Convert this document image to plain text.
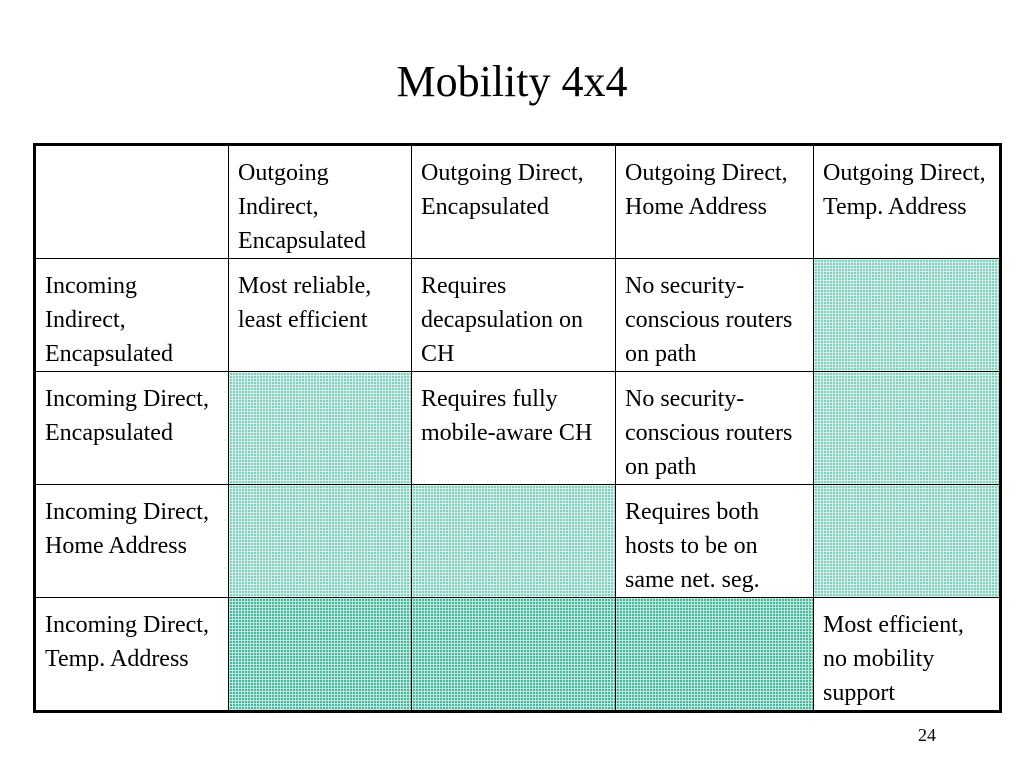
Mobility 4x4
	Outgoing Indirect, Encapsulated	Outgoing Direct, Encapsulated	Outgoing Direct, Home Address	Outgoing Direct, Temp. Address
Incoming Indirect, Encapsulated	Most reliable, least efficient	Requires decapsulation on CH	No security-conscious routers on path	
Incoming Direct, Encapsulated		Requires fully mobile-aware CH	No security-conscious routers on path	
Incoming Direct, Home Address			Requires both hosts to be on same net. seg.	
Incoming Direct, Temp. Address				Most efficient, no mobility support
24
